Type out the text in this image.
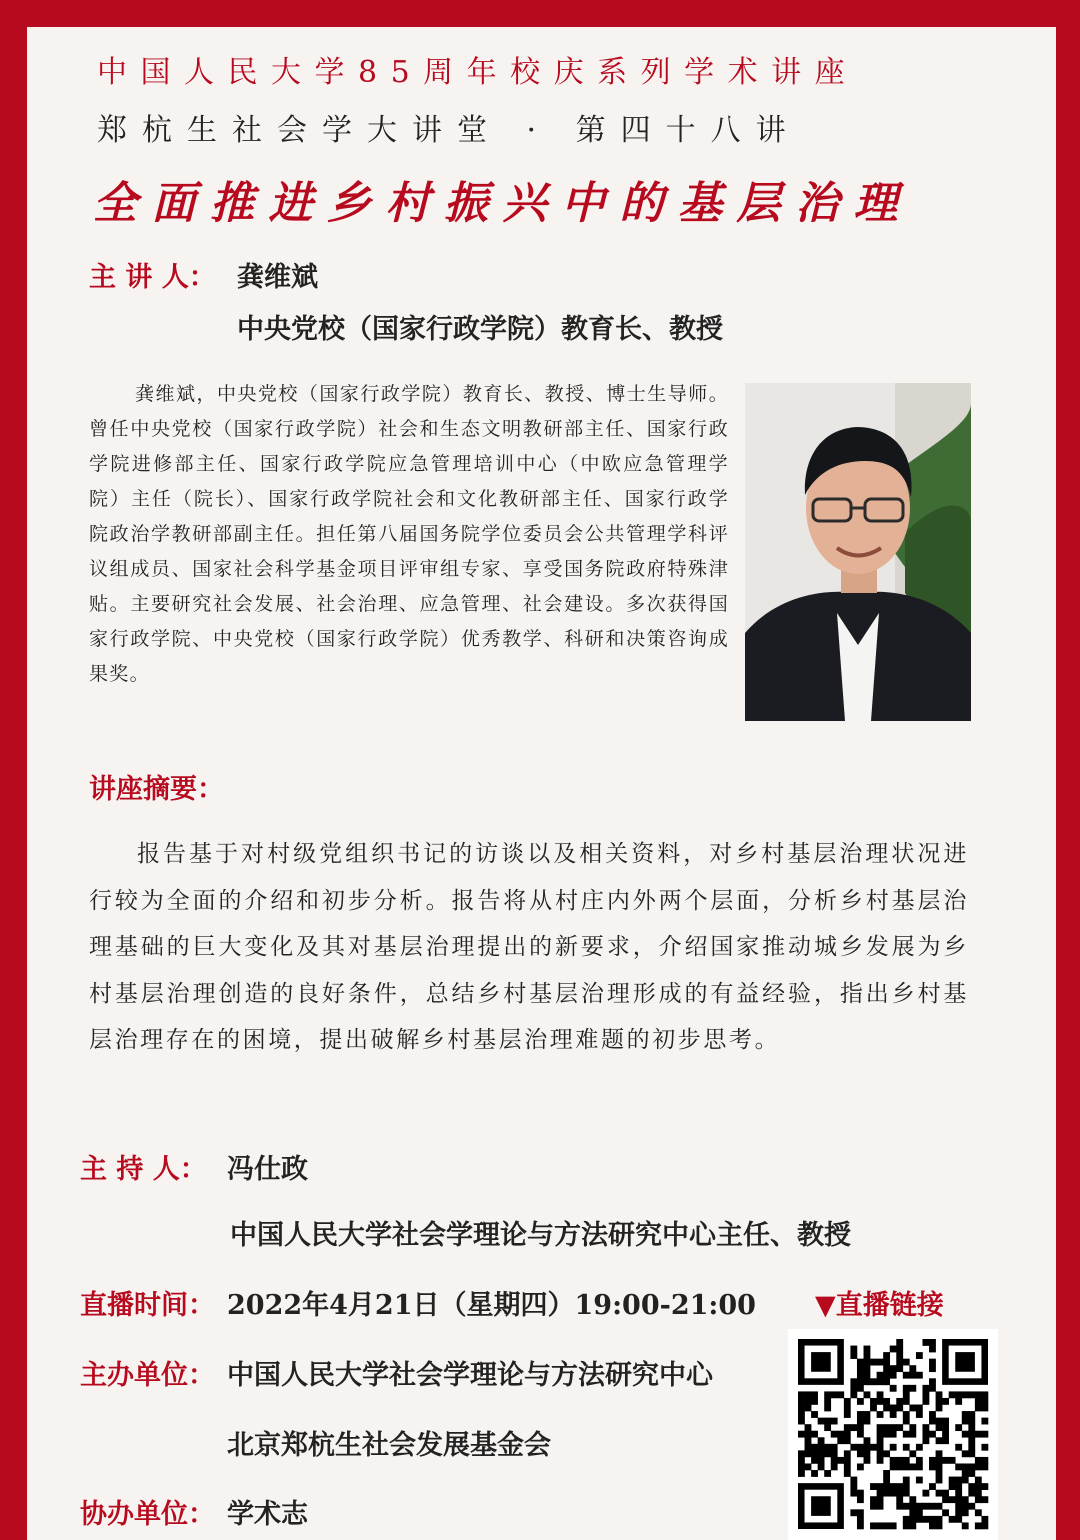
中国人民大学85周年校庆系列学术讲座
郑杭生社会学大讲堂 · 第四十八讲
全面推进乡村振兴中的基层治理
主 讲 人： 龚维斌
中央党校（国家行政学院）教育长、教授
龚维斌，中央党校（国家行政学院）教育长、教授、博士生导师。曾任中央党校（国家行政学院）社会和生态文明教研部主任、国家行政学院进修部主任、国家行政学院应急管理培训中心（中欧应急管理学院）主任（院长）、国家行政学院社会和文化教研部主任、国家行政学院政治学教研部副主任。担任第八届国务院学位委员会公共管理学科评议组成员、国家社会科学基金项目评审组专家、享受国务院政府特殊津贴。主要研究社会发展、社会治理、应急管理、社会建设。多次获得国家行政学院、中央党校（国家行政学院）优秀教学、科研和决策咨询成果奖。
讲座摘要：
报告基于对村级党组织书记的访谈以及相关资料，对乡村基层治理状况进行较为全面的介绍和初步分析。报告将从村庄内外两个层面，分析乡村基层治理基础的巨大变化及其对基层治理提出的新要求，介绍国家推动城乡发展为乡村基层治理创造的良好条件，总结乡村基层治理形成的有益经验，指出乡村基层治理存在的困境，提出破解乡村基层治理难题的初步思考。
主 持 人： 冯仕政
中国人民大学社会学理论与方法研究中心主任、教授
直播时间： 2022年4月21日（星期四）19:00-21:00 ▼直播链接
主办单位： 中国人民大学社会学理论与方法研究中心
北京郑杭生社会发展基金会
协办单位： 学术志
